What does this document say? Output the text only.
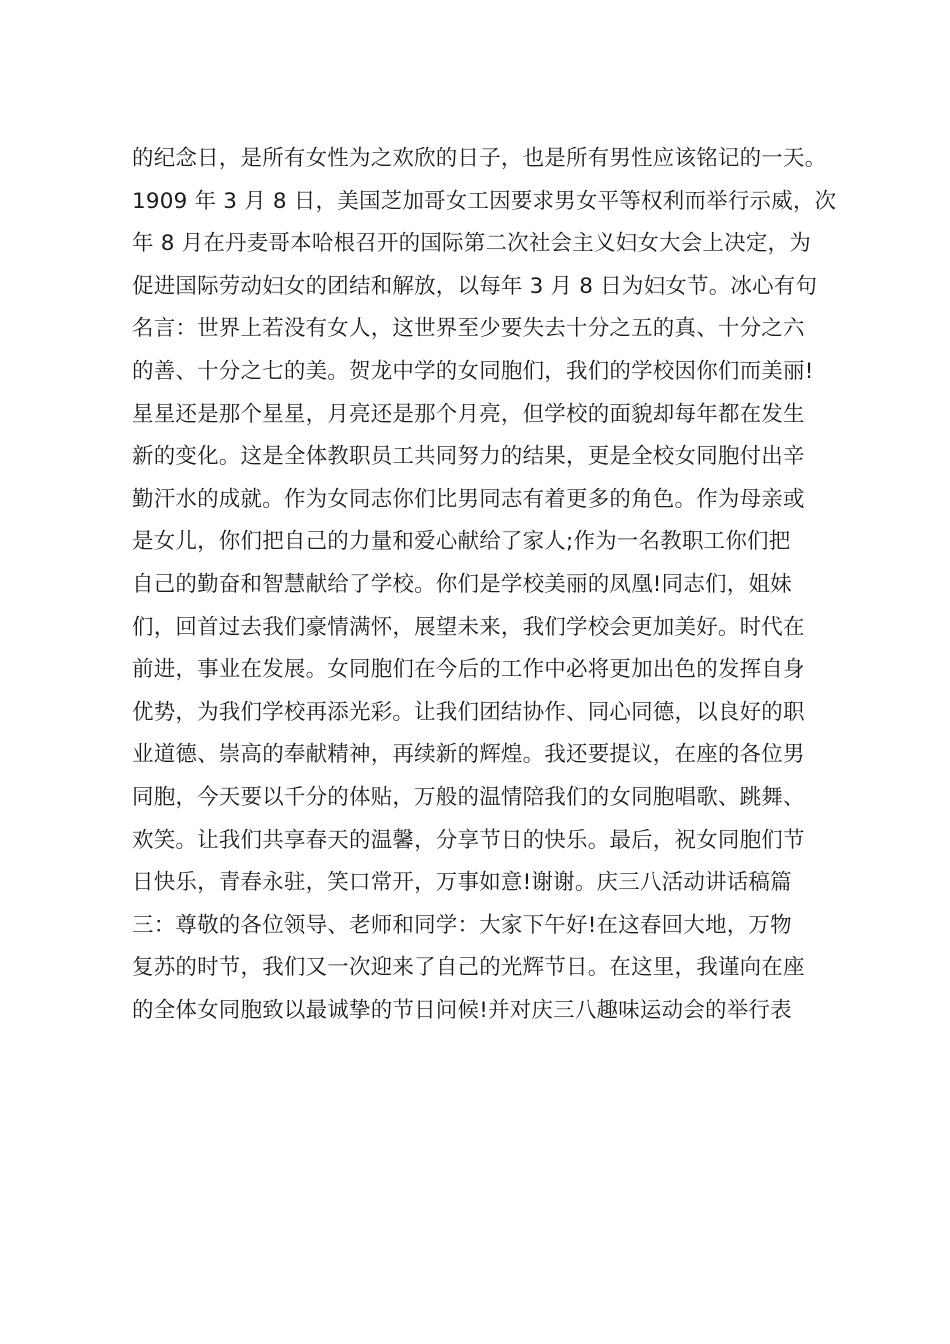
的纪念日，是所有女性为之欢欣的日子，也是所有男性应该铭记的一天。
1909 年 3 月 8 日，美国芝加哥女工因要求男女平等权利而举行示威，次
年 8 月在丹麦哥本哈根召开的国际第二次社会主义妇女大会上决定，为
促进国际劳动妇女的团结和解放，以每年 3 月 8 日为妇女节。冰心有句
名言：世界上若没有女人，这世界至少要失去十分之五的真、十分之六
的善、十分之七的美。贺龙中学的女同胞们，我们的学校因你们而美丽!
星星还是那个星星，月亮还是那个月亮，但学校的面貌却每年都在发生
新的变化。这是全体教职员工共同努力的结果，更是全校女同胞付出辛
勤汗水的成就。作为女同志你们比男同志有着更多的角色。作为母亲或
是女儿，你们把自己的力量和爱心献给了家人;作为一名教职工你们把
自己的勤奋和智慧献给了学校。你们是学校美丽的凤凰!同志们，姐妹
们，回首过去我们豪情满怀，展望未来，我们学校会更加美好。时代在
前进，事业在发展。女同胞们在今后的工作中必将更加出色的发挥自身
优势，为我们学校再添光彩。让我们团结协作、同心同德，以良好的职
业道德、崇高的奉献精神，再续新的辉煌。我还要提议，在座的各位男
同胞，今天要以千分的体贴，万般的温情陪我们的女同胞唱歌、跳舞、
欢笑。让我们共享春天的温馨，分享节日的快乐。最后，祝女同胞们节
日快乐，青春永驻，笑口常开，万事如意!谢谢。庆三八活动讲话稿篇
三：尊敬的各位领导、老师和同学：大家下午好!在这春回大地，万物
复苏的时节，我们又一次迎来了自己的光辉节日。在这里，我谨向在座
的全体女同胞致以最诚挚的节日问候!并对庆三八趣味运动会的举行表
